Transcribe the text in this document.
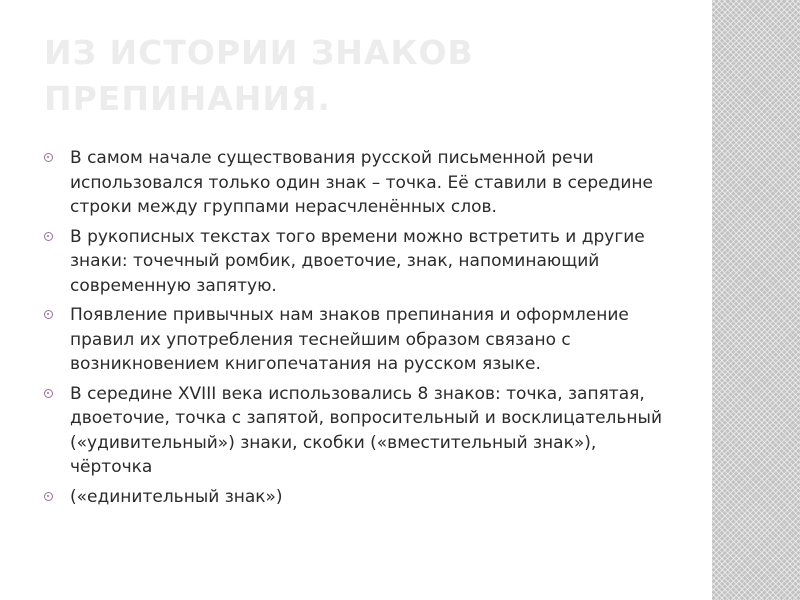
ИЗ ИСТОРИИ ЗНАКОВ ПРЕПИНАНИЯ.
В самом начале существования русской письменной речи использовался только один знак – точка. Её ставили в середине строки между группами нерасчленённых слов.
В рукописных текстах того времени можно встретить и другие знаки: точечный ромбик, двоеточие, знак, напоминающий современную запятую.
Появление привычных нам знаков препинания и оформление правил их употребления теснейшим образом связано с возникновением книгопечатания на русском языке.
В середине XVIII века использовались 8 знаков: точка, запятая, двоеточие, точка с запятой, вопросительный и восклицательный («удивительный») знаки, скобки («вместительный знак»), чёрточка
(«единительный знак»)
